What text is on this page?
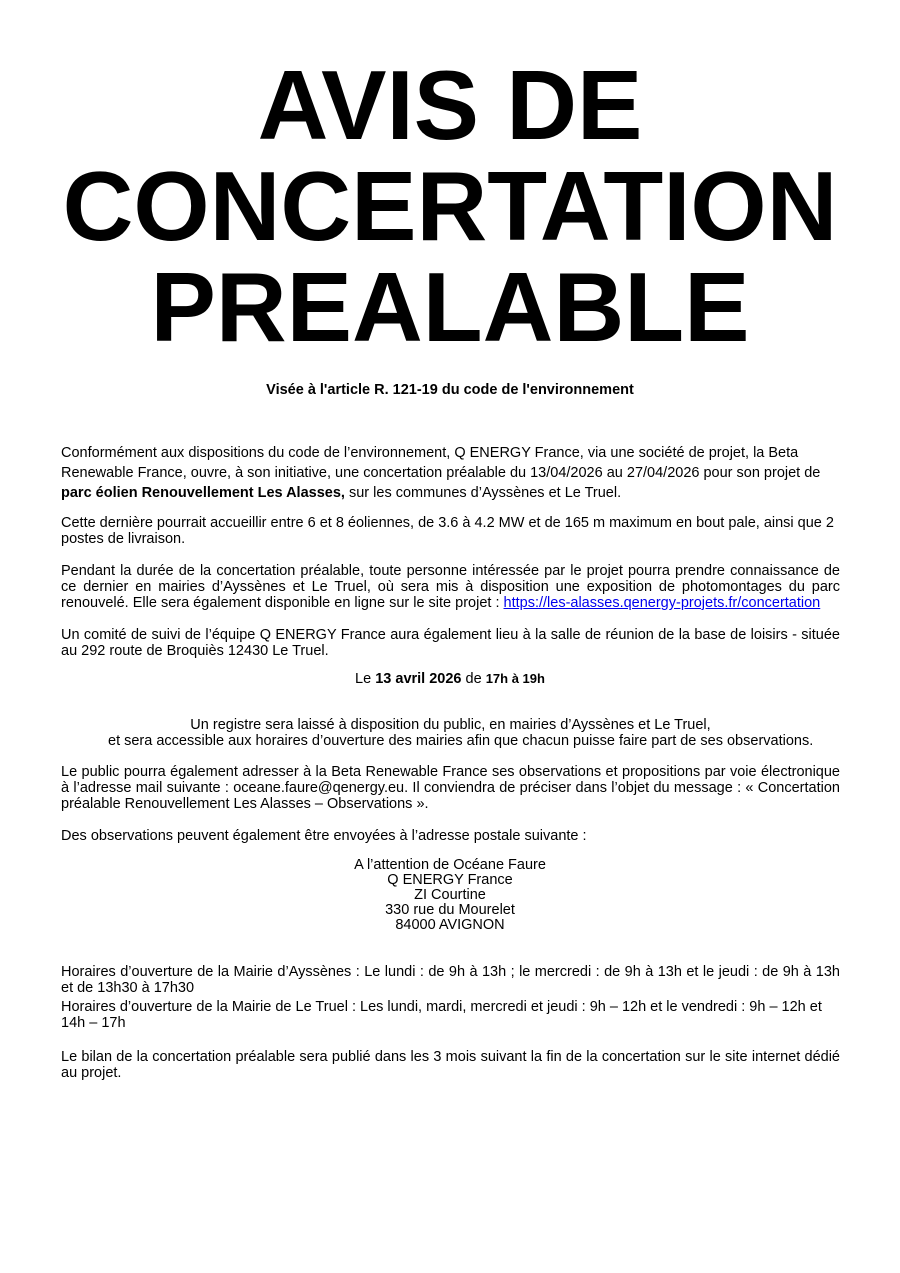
AVIS DE
CONCERTATION
PREALABLE
Visée à l'article R. 121-19 du code de l'environnement
Conformément aux dispositions du code de l’environnement, Q ENERGY France, via une société de projet, la Beta Renewable France, ouvre, à son initiative, une concertation préalable du 13/04/2026 au 27/04/2026 pour son projet de parc éolien Renouvellement Les Alasses, sur les communes d’Ayssènes et Le Truel.
Cette dernière pourrait accueillir entre 6 et 8 éoliennes, de 3.6 à 4.2 MW et de 165 m maximum en bout pale, ainsi que 2 postes de livraison.
Pendant la durée de la concertation préalable, toute personne intéressée par le projet pourra prendre connaissance de ce dernier en mairies d’Ayssènes et Le Truel, où sera mis à disposition une exposition de photomontages du parc renouvelé. Elle sera également disponible en ligne sur le site projet : https://les-alasses.qenergy-projets.fr/concertation
Un comité de suivi de l’équipe Q ENERGY France aura également lieu à la salle de réunion de la base de loisirs - située au 292 route de Broquiès 12430 Le Truel.
Le 13 avril 2026 de 17h à 19h
Un registre sera laissé à disposition du public, en mairies d’Ayssènes et Le Truel,
et sera accessible aux horaires d’ouverture des mairies afin que chacun puisse faire part de ses observations.
Le public pourra également adresser à la Beta Renewable France ses observations et propositions par voie électronique à l’adresse mail suivante : oceane.faure@qenergy.eu. Il conviendra de préciser dans l’objet du message : « Concertation préalable Renouvellement Les Alasses – Observations ».
Des observations peuvent également être envoyées à l’adresse postale suivante :
A l’attention de Océane Faure
Q ENERGY France
ZI Courtine
330 rue du Mourelet
84000 AVIGNON
Horaires d’ouverture de la Mairie d’Ayssènes : Le lundi : de 9h à 13h ; le mercredi : de 9h à 13h et le jeudi : de 9h à 13h et de 13h30 à 17h30
Horaires d’ouverture de la Mairie de Le Truel : Les lundi, mardi, mercredi et jeudi : 9h – 12h et le vendredi : 9h – 12h et 14h – 17h
Le bilan de la concertation préalable sera publié dans les 3 mois suivant la fin de la concertation sur le site internet dédié au projet.
